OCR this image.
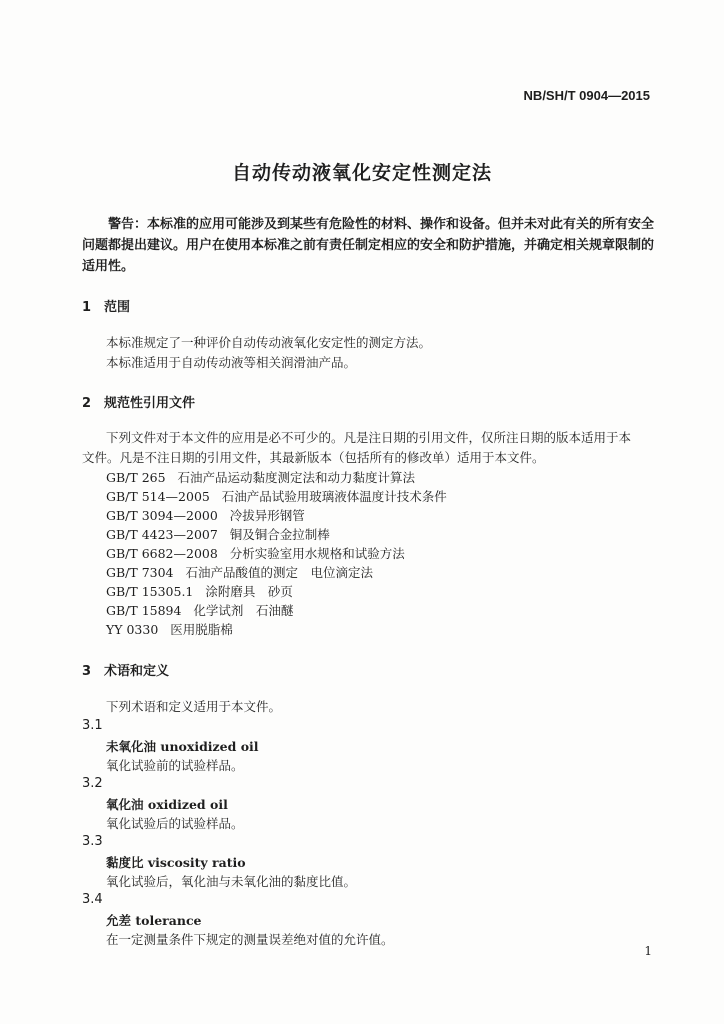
NB/SH/T 0904—2015
自动传动液氧化安定性测定法
警告：本标准的应用可能涉及到某些有危险性的材料、操作和设备。但并未对此有关的所有安全问题都提出建议。用户在使用本标准之前有责任制定相应的安全和防护措施，并确定相关规章限制的适用性。
1 范围
本标准规定了一种评价自动传动液氧化安定性的测定方法。
本标准适用于自动传动液等相关润滑油产品。
2 规范性引用文件
下列文件对于本文件的应用是必不可少的。凡是注日期的引用文件，仅所注日期的版本适用于本
文件。凡是不注日期的引用文件，其最新版本（包括所有的修改单）适用于本文件。
GB/T 265 石油产品运动黏度测定法和动力黏度计算法
GB/T 514—2005 石油产品试验用玻璃液体温度计技术条件
GB/T 3094—2000 冷拔异形钢管
GB/T 4423—2007 铜及铜合金拉制棒
GB/T 6682—2008 分析实验室用水规格和试验方法
GB/T 7304 石油产品酸值的测定　电位滴定法
GB/T 15305.1 涂附磨具　砂页
GB/T 15894 化学试剂　石油醚
YY 0330 医用脱脂棉
3 术语和定义
下列术语和定义适用于本文件。
3.1
未氧化油 unoxidized oil
氧化试验前的试验样品。
3.2
氧化油 oxidized oil
氧化试验后的试验样品。
3.3
黏度比 viscosity ratio
氧化试验后，氧化油与未氧化油的黏度比值。
3.4
允差 tolerance
在一定测量条件下规定的测量误差绝对值的允许值。
1
